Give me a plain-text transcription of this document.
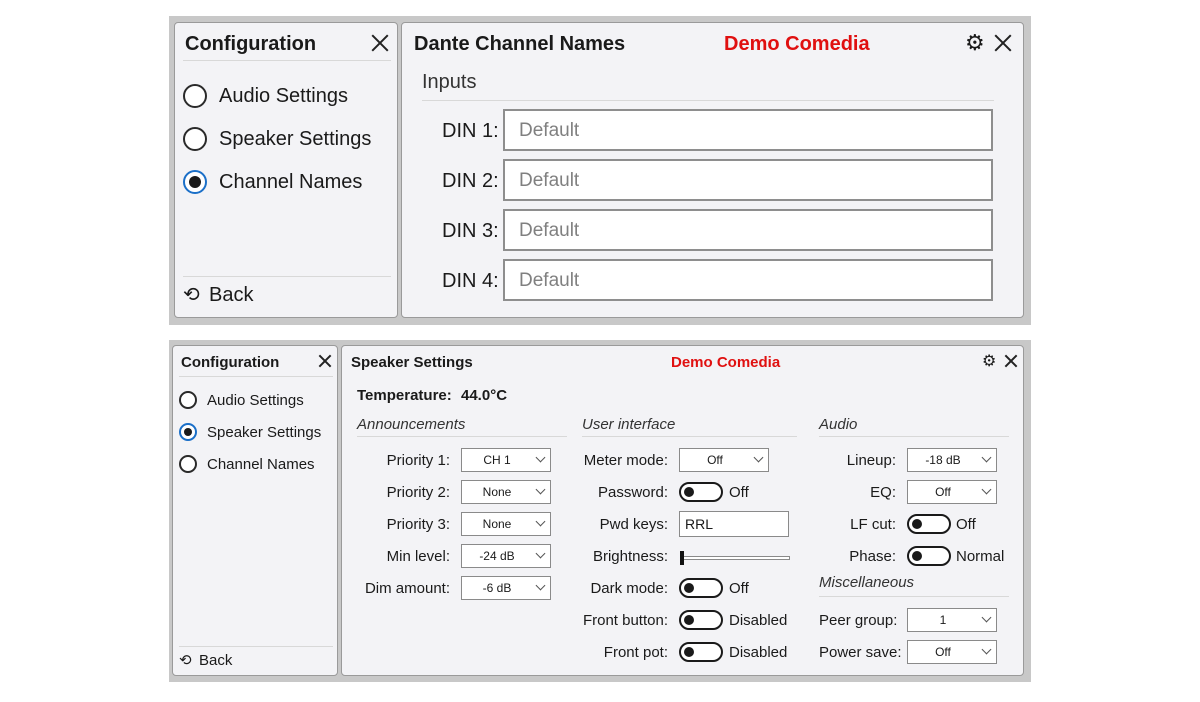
Configuration
Audio Settings
Speaker Settings
Channel Names
⟲ Back
Dante Channel Names	Demo Comedia	⚙
Inputs
DIN 1: Default
DIN 2: Default
DIN 3: Default
DIN 4: Default
Configuration
Audio Settings
Speaker Settings
Channel Names
⟲ Back
Speaker Settings	Demo Comedia	⚙
Temperature: 44.0°C
Announcements
Priority 1:	CH 1
Priority 2:	None
Priority 3:	None
Min level:	-24 dB
Dim amount:	-6 dB
User interface
Meter mode:	Off
Password:	Off
Pwd keys: RRL
Brightness:
Dark mode:	Off
Front button:	Disabled
Front pot:	Disabled
Audio
Lineup:	-18 dB
EQ:	Off
LF cut:	Off
Phase:	Normal
Miscellaneous
Peer group:	1
Power save:	Off
